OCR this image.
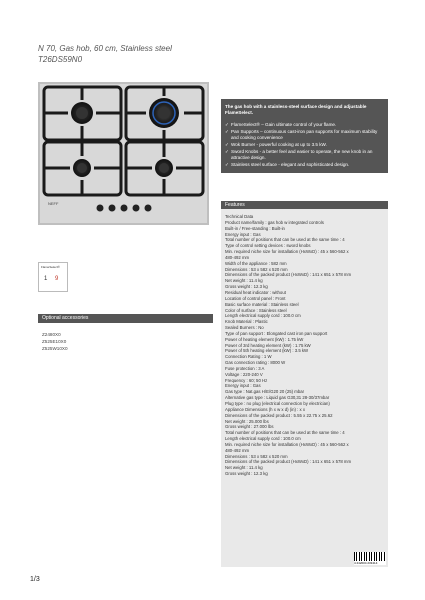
N 70, Gas hob, 60 cm, Stainless steel
T26DS59N0
NEFF
FlameSelect®
1 9
Optional accessories
Z2480X0
Z525E10X0
Z525W10X0
The gas hob with a stainless-steel surface design and adjustable FlameSelect.
✓ FlameSelect® – Gain ultimate control of your flame.
✓ Pan Supports – continuous cast-iron pan supports for maximum stability and cooking convenience
✓ Wok Burner - powerful cooking at up to 3.5 kW.
✓ Sword Knobs - a better feel and easier to operate, the new knob in an attractive design.
✓ Stainless steel surface - elegant and sophisticated design.
Features
Technical Data
Product name/family : gas hob w integrated controls
Built-in / Free-standing : Built-in
Energy input : Gas
Total number of positions that can be used at the same time : 4
Type of control setting devices : sword knobs
Min. required niche size for installation (HxWxD) : 45 x 560-562 x
480-492 mm
Width of the appliance : 582 mm
Dimensions : 53 x 582 x 520 mm
Dimensions of the packed product (HxWxD) : 141 x 651 x 578 mm
Net weight : 11.4 kg
Gross weight : 12.3 kg
Residual heat indicator : without
Location of control panel : Front
Basic surface material : Stainless steel
Color of surface : Stainless steel
Length electrical supply cord : 100.0 cm
Knob Material : Plastic
Sealed Burners : No
Type of pan support : Elongated cast iron pan support
Power of heating element (kW) : 1.75 kW
Power of 3rd heating element (kW) : 1.75 kW
Power of 5th heating element (kW) : 3.5 kW
Connection Rating : 1 W
Gas connection rating : 8000 W
Fuse protection : 3 A
Voltage : 220-240 V
Frequency : 60; 50 Hz
Energy input : Gas
Gas type : Nat.gas H/E/G20 20 (25) mbar
Alternative gas type : Liquid gas G30,31 28-30/37mbar
Plug type : no plug (electrical connection by electrician)
Appliance Dimensions (h x w x d) (in) : x x
Dimensions of the packed product : 5.55 x 22.75 x 25.62
Net weight : 25.000 lbs
Gross weight : 27.000 lbs
Total number of positions that can be used at the same time : 4
Length electrical supply cord : 100.0 cm
Min. required niche size for installation (HxWxD) : 45 x 560-562 x
480-492 mm
Dimensions : 53 x 582 x 520 mm
Dimensions of the packed product (HxWxD) : 141 x 651 x 578 mm
Net weight : 11.4 kg
Gross weight : 12.3 kg
4 242004 233414
1/3
